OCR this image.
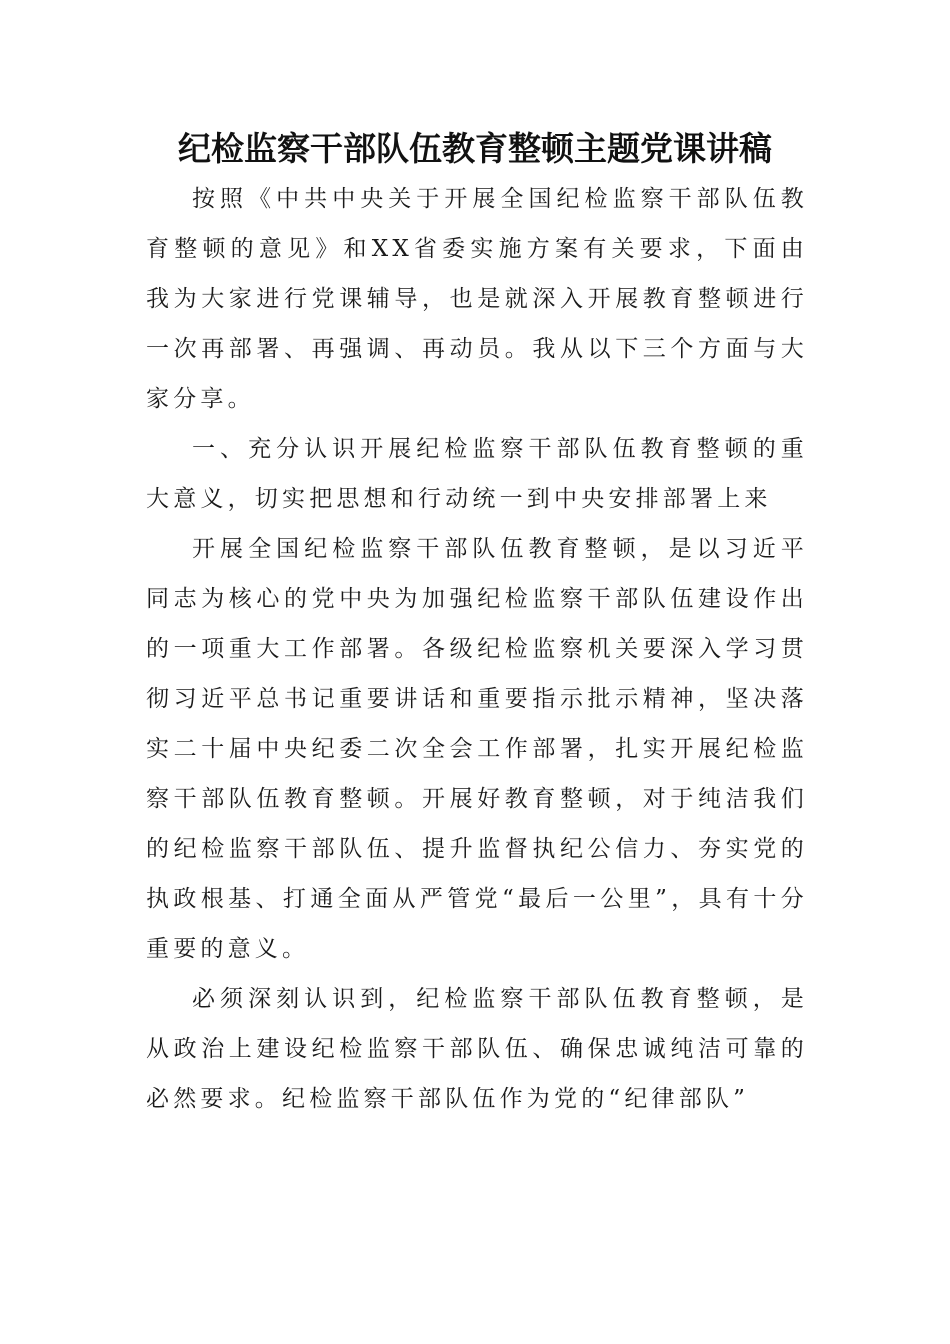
纪检监察干部队伍教育整顿主题党课讲稿

按照《中共中央关于开展全国纪检监察干部队伍教育整顿的意见》和XX省委实施方案有关要求，下面由我为大家进行党课辅导，也是就深入开展教育整顿进行一次再部署、再强调、再动员。我从以下三个方面与大家分享。

一、充分认识开展纪检监察干部队伍教育整顿的重大意义，切实把思想和行动统一到中央安排部署上来

开展全国纪检监察干部队伍教育整顿，是以习近平同志为核心的党中央为加强纪检监察干部队伍建设作出的一项重大工作部署。各级纪检监察机关要深入学习贯彻习近平总书记重要讲话和重要指示批示精神，坚决落实二十届中央纪委二次全会工作部署，扎实开展纪检监察干部队伍教育整顿。开展好教育整顿，对于纯洁我们的纪检监察干部队伍、提升监督执纪公信力、夯实党的执政根基、打通全面从严管党“最后一公里”，具有十分重要的意义。

必须深刻认识到，纪检监察干部队伍教育整顿，是从政治上建设纪检监察干部队伍、确保忠诚纯洁可靠的必然要求。纪检监察干部队伍作为党的“纪律部队”
